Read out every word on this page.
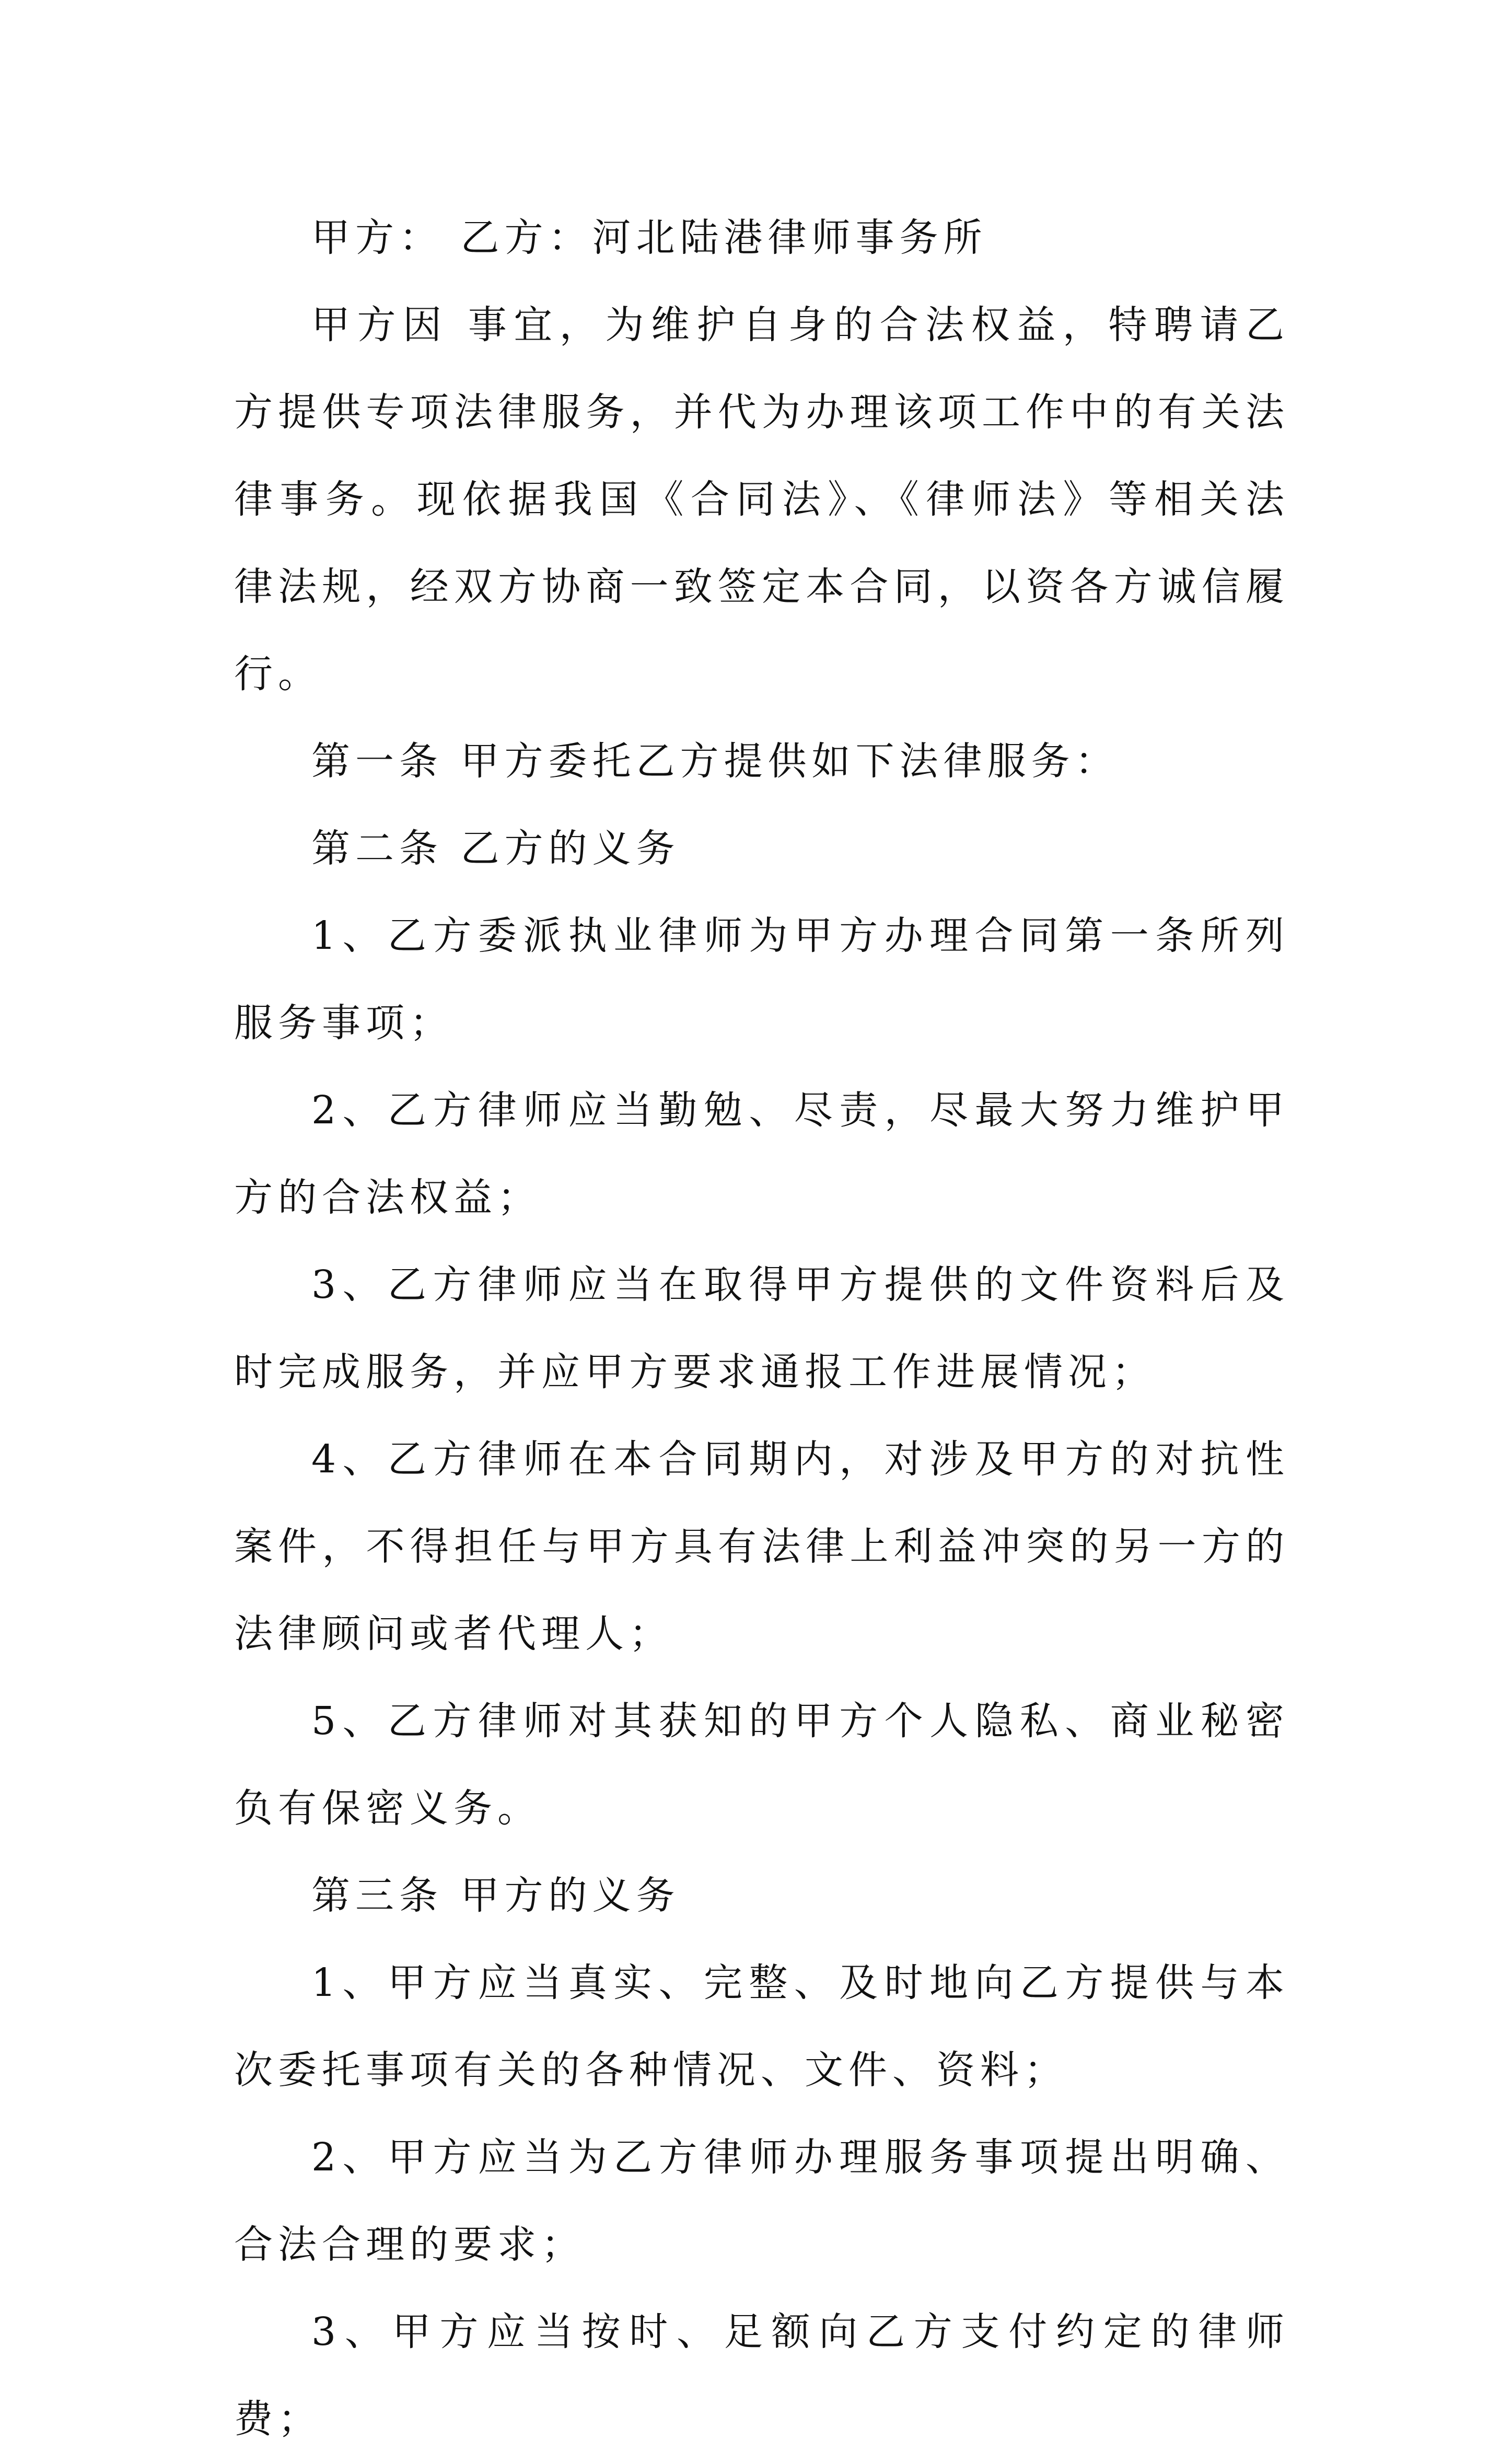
甲方： 乙方：河北陆港律师事务所

甲方因 事宜，为维护自身的合法权益，特聘请乙方提供专项法律服务，并代为办理该项工作中的有关法律事务。现依据我国《合同法》、《律师法》等相关法律法规，经双方协商一致签定本合同，以资各方诚信履行。

第一条 甲方委托乙方提供如下法律服务：

第二条 乙方的义务

1、乙方委派执业律师为甲方办理合同第一条所列服务事项；

2、乙方律师应当勤勉、尽责，尽最大努力维护甲方的合法权益；

3、乙方律师应当在取得甲方提供的文件资料后及时完成服务，并应甲方要求通报工作进展情况；

4、乙方律师在本合同期内，对涉及甲方的对抗性案件，不得担任与甲方具有法律上利益冲突的另一方的法律顾问或者代理人；

5、乙方律师对其获知的甲方个人隐私、商业秘密负有保密义务。

第三条 甲方的义务

1、甲方应当真实、完整、及时地向乙方提供与本次委托事项有关的各种情况、文件、资料；

2、甲方应当为乙方律师办理服务事项提出明确、合法合理的要求；

3、甲方应当按时、足额向乙方支付约定的律师费；
